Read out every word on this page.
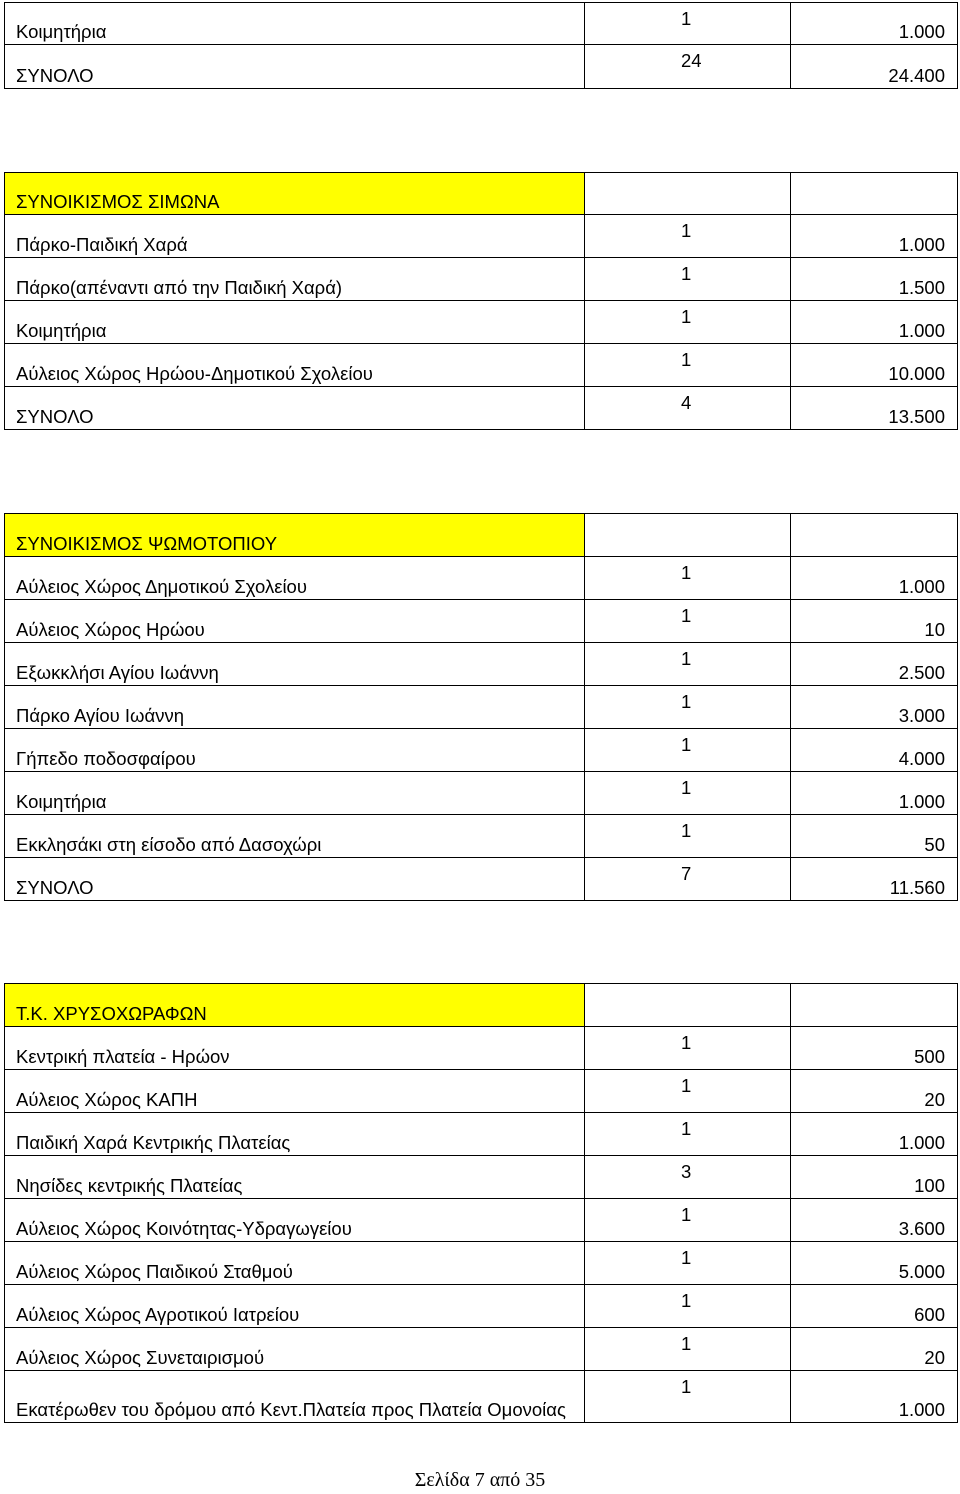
Κοιμητήρια	1	1.000
ΣΥΝΟΛΟ	24	24.400
ΣΥΝΟΙΚΙΣΜΟΣ ΣΙΜΩΝΑ		
Πάρκο-Παιδική Χαρά	1	1.000
Πάρκο(απέναντι από την Παιδική Χαρά)	1	1.500
Κοιμητήρια	1	1.000
Αύλειος Χώρος Ηρώου-Δημοτικού Σχολείου	1	10.000
ΣΥΝΟΛΟ	4	13.500
ΣΥΝΟΙΚΙΣΜΟΣ ΨΩΜΟΤΟΠΙΟΥ		
Αύλειος Χώρος Δημοτικού Σχολείου	1	1.000
Αύλειος Χώρος Ηρώου	1	10
Εξωκκλήσι Αγίου Ιωάννη	1	2.500
Πάρκο Αγίου Ιωάννη	1	3.000
Γήπεδο ποδοσφαίρου	1	4.000
Κοιμητήρια	1	1.000
Εκκλησάκι στη είσοδο από Δασοχώρι	1	50
ΣΥΝΟΛΟ	7	11.560
Τ.Κ. ΧΡΥΣΟΧΩΡΑΦΩΝ		
Κεντρική πλατεία - Ηρώον	1	500
Αύλειος Χώρος ΚΑΠΗ	1	20
Παιδική Χαρά Κεντρικής Πλατείας	1	1.000
Νησίδες κεντρικής Πλατείας	3	100
Αύλειος Χώρος Κοινότητας-Υδραγωγείου	1	3.600
Αύλειος Χώρος Παιδικού Σταθμού	1	5.000
Αύλειος Χώρος Αγροτικού Ιατρείου	1	600
Αύλειος Χώρος Συνεταιρισμού	1	20
Εκατέρωθεν του δρόμου από Κεντ.Πλατεία προς Πλατεία Ομονοίας	1	1.000
Σελίδα 7 από 35
